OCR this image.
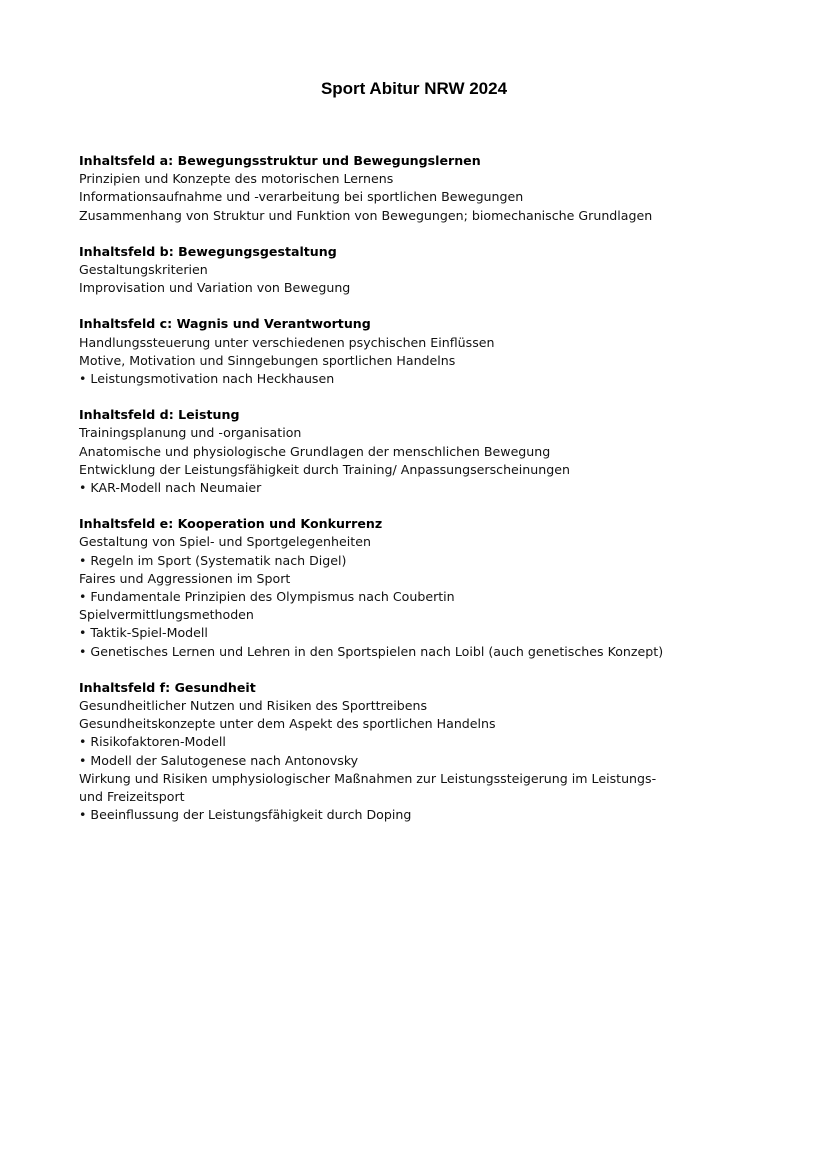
Sport Abitur NRW 2024
Inhaltsfeld a: Bewegungsstruktur und Bewegungslernen
Prinzipien und Konzepte des motorischen Lernens
Informationsaufnahme und -verarbeitung bei sportlichen Bewegungen
Zusammenhang von Struktur und Funktion von Bewegungen; biomechanische Grundlagen
Inhaltsfeld b: Bewegungsgestaltung
Gestaltungskriterien
Improvisation und Variation von Bewegung
Inhaltsfeld c: Wagnis und Verantwortung
Handlungssteuerung unter verschiedenen psychischen Einflüssen
Motive, Motivation und Sinngebungen sportlichen Handelns
• Leistungsmotivation nach Heckhausen
Inhaltsfeld d: Leistung
Trainingsplanung und -organisation
Anatomische und physiologische Grundlagen der menschlichen Bewegung
Entwicklung der Leistungsfähigkeit durch Training/ Anpassungserscheinungen
• KAR-Modell nach Neumaier
Inhaltsfeld e: Kooperation und Konkurrenz
Gestaltung von Spiel- und Sportgelegenheiten
• Regeln im Sport (Systematik nach Digel)
Faires und Aggressionen im Sport
• Fundamentale Prinzipien des Olympismus nach Coubertin
Spielvermittlungsmethoden
• Taktik-Spiel-Modell
• Genetisches Lernen und Lehren in den Sportspielen nach Loibl (auch genetisches Konzept)
Inhaltsfeld f: Gesundheit
Gesundheitlicher Nutzen und Risiken des Sporttreibens
Gesundheitskonzepte unter dem Aspekt des sportlichen Handelns
• Risikofaktoren-Modell
• Modell der Salutogenese nach Antonovsky
Wirkung und Risiken umphysiologischer Maßnahmen zur Leistungssteigerung im Leistungs- und Freizeitsport
• Beeinflussung der Leistungsfähigkeit durch Doping
